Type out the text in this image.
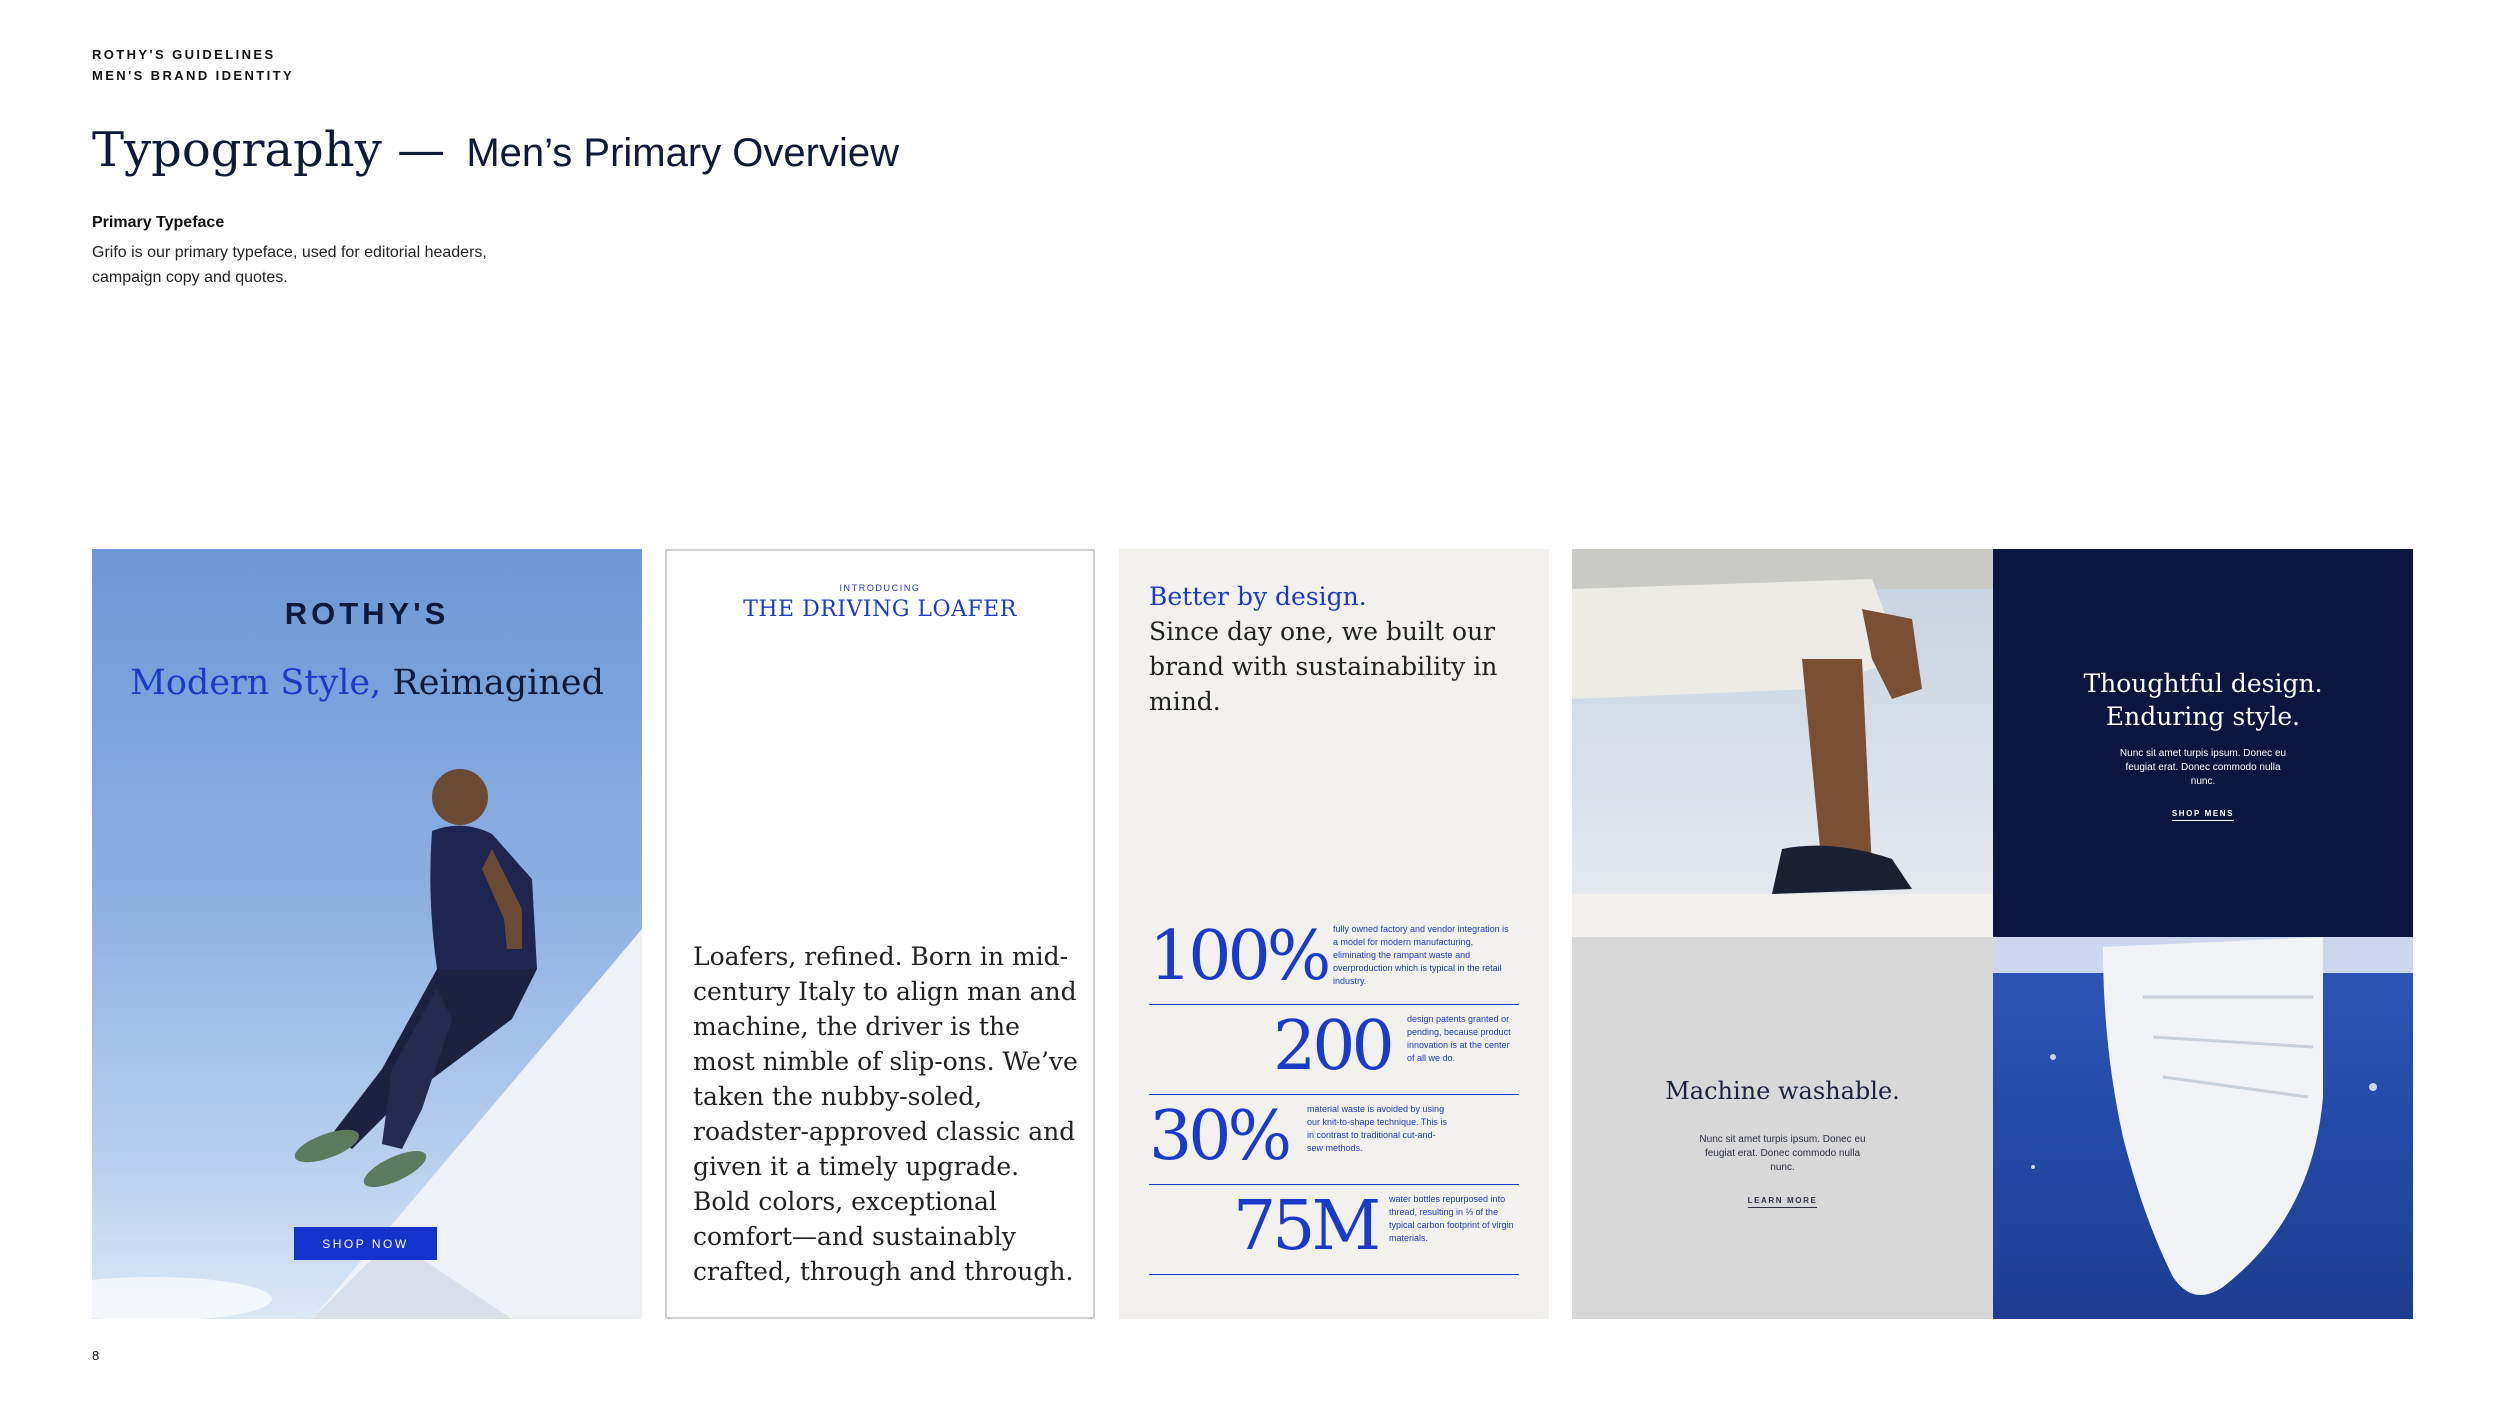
ROTHY'S GUIDELINES
MEN'S BRAND IDENTITY
Typography — Men’s Primary Overview
Primary Typeface
Grifo is our primary typeface, used for editorial headers, campaign copy and quotes.
ROTHY'S
Modern Style, Reimagined
SHOP NOW
INTRODUCING
THE DRIVING LOAFER
Loafers, refined. Born in mid-century Italy to align man and machine, the driver is the most nimble of slip-ons. We’ve taken the nubby-soled, roadster-approved classic and given it a timely upgrade. Bold colors, exceptional comfort—and sustainably crafted, through and through.
Better by design.
Since day one, we built our brand with sustainability in mind.
100% fully owned factory and vendor integration is a model for modern manufacturing, eliminating the rampant waste and overproduction which is typical in the retail industry.
200 design patents granted or pending, because product innovation is at the center of all we do.
30% material waste is avoided by using our knit-to-shape technique. This is in contrast to traditional cut-and-sew methods.
75M water bottles repurposed into thread, resulting in ⅓ of the typical carbon footprint of virgin materials.
Thoughtful design. Enduring style.
Nunc sit amet turpis ipsum. Donec eu feugiat erat. Donec commodo nulla nunc.
SHOP MENS
Machine washable.
Nunc sit amet turpis ipsum. Donec eu feugiat erat. Donec commodo nulla nunc.
LEARN MORE
8
